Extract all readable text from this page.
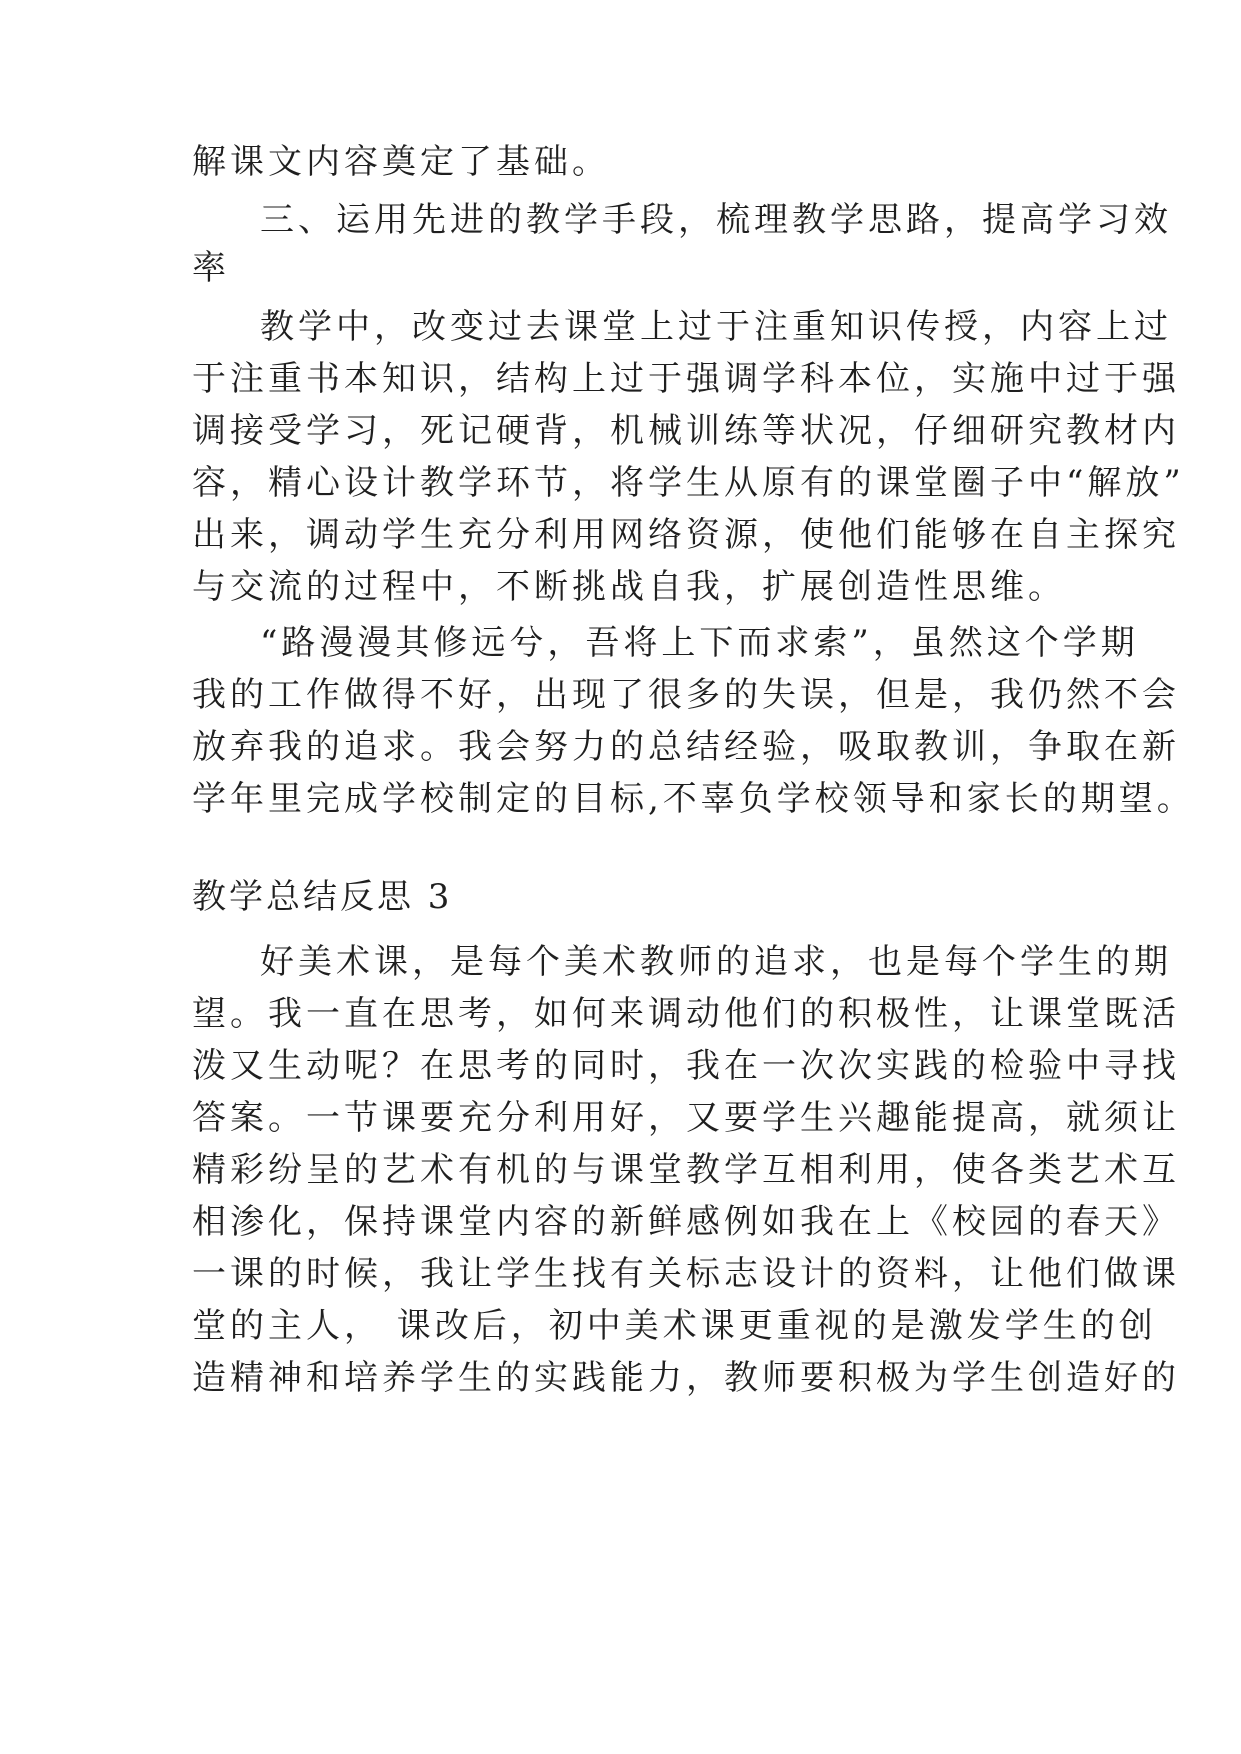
解课文内容奠定了基础。
三、运用先进的教学手段，梳理教学思路，提高学习效
率
教学中，改变过去课堂上过于注重知识传授，内容上过
于注重书本知识，结构上过于强调学科本位，实施中过于强
调接受学习，死记硬背，机械训练等状况，仔细研究教材内
容，精心设计教学环节，将学生从原有的课堂圈子中“解放”
出来，调动学生充分利用网络资源，使他们能够在自主探究
与交流的过程中，不断挑战自我，扩展创造性思维。
“路漫漫其修远兮，吾将上下而求索”，虽然这个学期
我的工作做得不好，出现了很多的失误，但是，我仍然不会
放弃我的追求。我会努力的总结经验，吸取教训，争取在新
学年里完成学校制定的目标,不辜负学校领导和家长的期望。
教学总结反思 3
好美术课，是每个美术教师的追求，也是每个学生的期
望。我一直在思考，如何来调动他们的积极性，让课堂既活
泼又生动呢？在思考的同时，我在一次次实践的检验中寻找
答案。一节课要充分利用好，又要学生兴趣能提高，就须让
精彩纷呈的艺术有机的与课堂教学互相利用，使各类艺术互
相渗化，保持课堂内容的新鲜感例如我在上《校园的春天》
一课的时候，我让学生找有关标志设计的资料，让他们做课
堂的主人， 课改后，初中美术课更重视的是激发学生的创
造精神和培养学生的实践能力，教师要积极为学生创造好的
